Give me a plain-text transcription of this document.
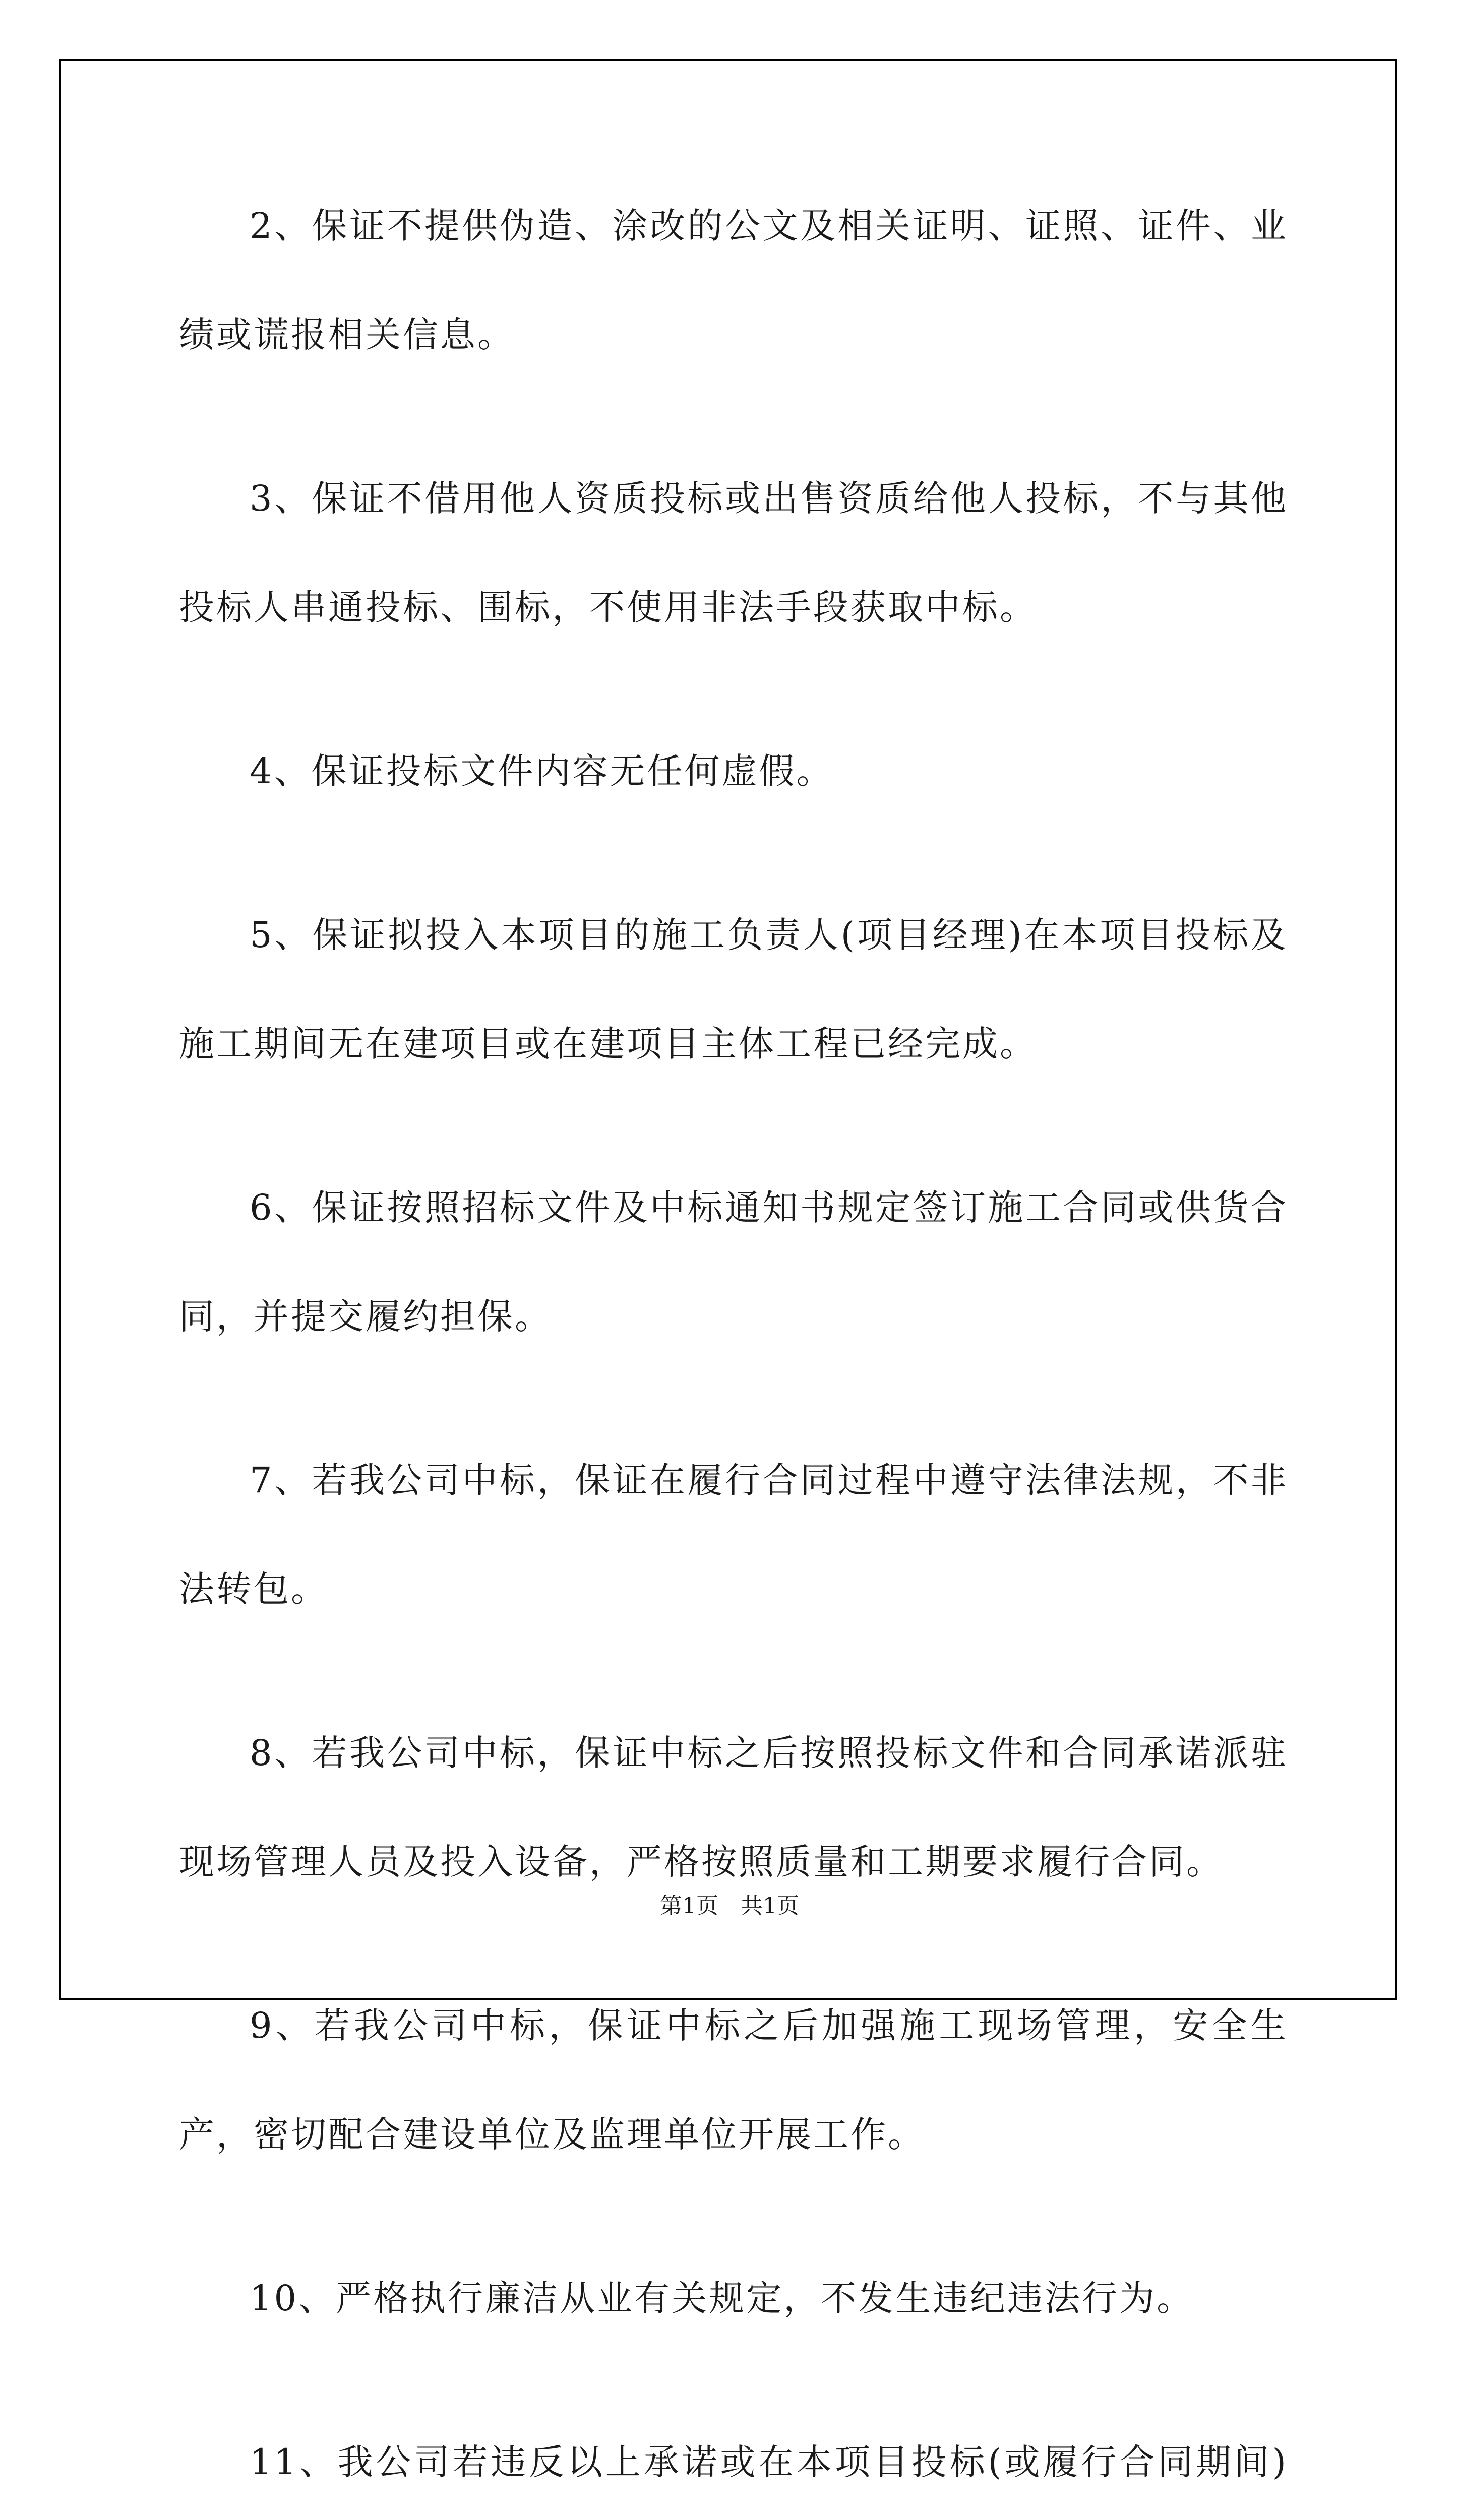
2、保证不提供伪造、涂改的公文及相关证明、证照、证件、业绩或谎报相关信息。

3、保证不借用他人资质投标或出售资质给他人投标，不与其他投标人串通投标、围标，不使用非法手段获取中标。

4、保证投标文件内容无任何虚假。

5、保证拟投入本项目的施工负责人(项目经理)在本项目投标及施工期间无在建项目或在建项目主体工程已经完成。

6、保证按照招标文件及中标通知书规定签订施工合同或供货合同，并提交履约担保。

7、若我公司中标，保证在履行合同过程中遵守法律法规，不非法转包。

8、若我公司中标，保证中标之后按照投标文件和合同承诺派驻现场管理人员及投入设备，严格按照质量和工期要求履行合同。

9、若我公司中标，保证中标之后加强施工现场管理，安全生产，密切配合建设单位及监理单位开展工作。

10、严格执行廉洁从业有关规定，不发生违纪违法行为。

11、我公司若违反以上承诺或在本项目投标(或履行合同期间)

第1页　共1页
